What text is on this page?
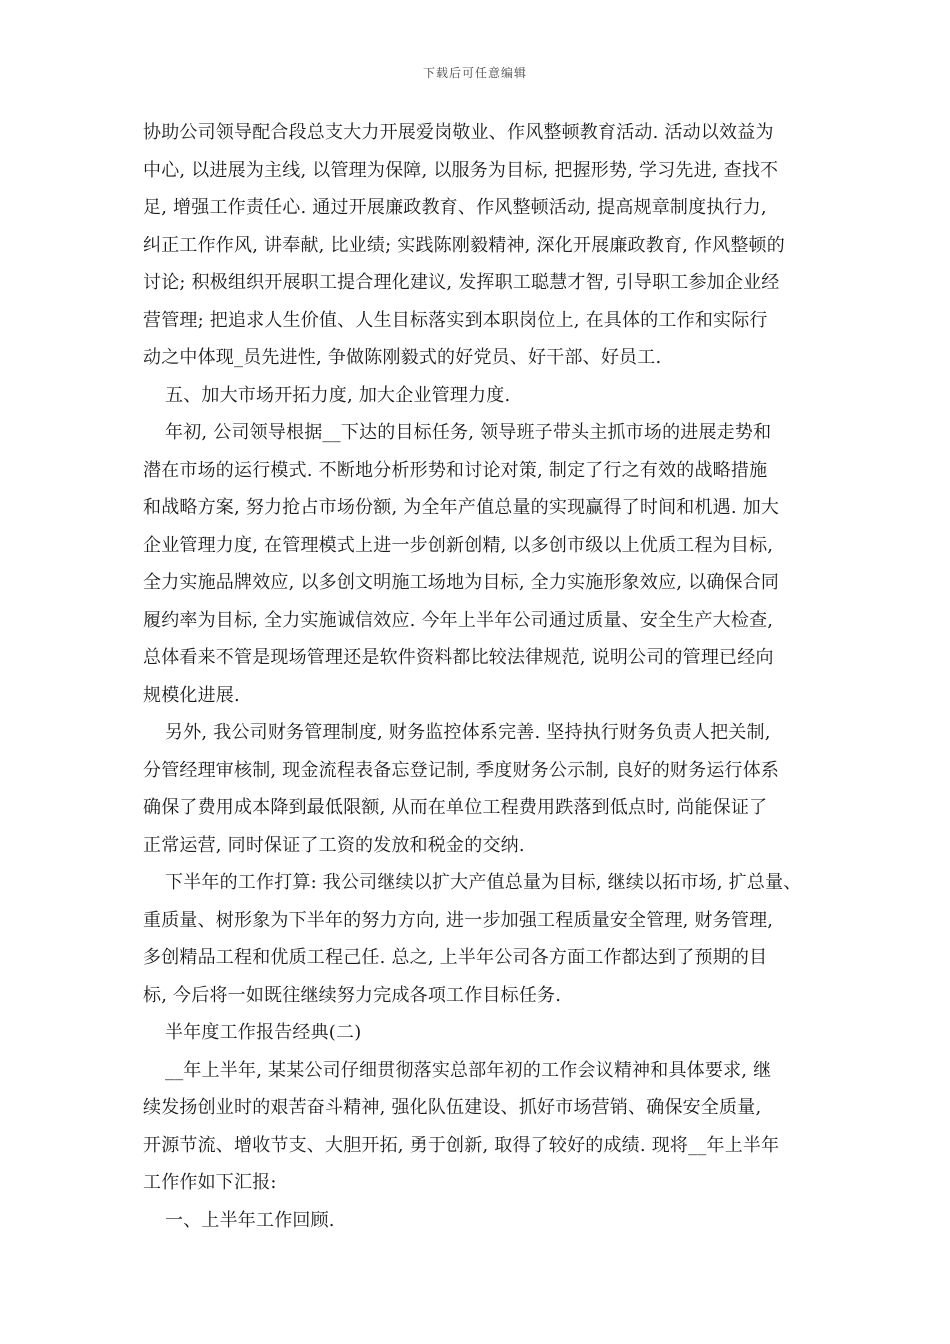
下载后可任意编辑
协助公司领导配合段总支大力开展爱岗敬业、作风整顿教育活动. 活动以效益为
中心, 以进展为主线, 以管理为保障, 以服务为目标, 把握形势, 学习先进, 查找不
足, 增强工作责任心. 通过开展廉政教育、作风整顿活动, 提高规章制度执行力,
纠正工作作风, 讲奉献, 比业绩; 实践陈刚毅精神, 深化开展廉政教育, 作风整顿的
讨论; 积极组织开展职工提合理化建议, 发挥职工聪慧才智, 引导职工参加企业经
营管理; 把追求人生价值、人生目标落实到本职岗位上, 在具体的工作和实际行
动之中体现_员先进性, 争做陈刚毅式的好党员、好干部、好员工.
五、加大市场开拓力度, 加大企业管理力度.
年初, 公司领导根据__下达的目标任务, 领导班子带头主抓市场的进展走势和
潜在市场的运行模式. 不断地分析形势和讨论对策, 制定了行之有效的战略措施
和战略方案, 努力抢占市场份额, 为全年产值总量的实现赢得了时间和机遇. 加大
企业管理力度, 在管理模式上进一步创新创精, 以多创市级以上优质工程为目标,
全力实施品牌效应, 以多创文明施工场地为目标, 全力实施形象效应, 以确保合同
履约率为目标, 全力实施诚信效应. 今年上半年公司通过质量、安全生产大检查,
总体看来不管是现场管理还是软件资料都比较法律规范, 说明公司的管理已经向
规模化进展.
另外, 我公司财务管理制度, 财务监控体系完善. 坚持执行财务负责人把关制,
分管经理审核制, 现金流程表备忘登记制, 季度财务公示制, 良好的财务运行体系
确保了费用成本降到最低限额, 从而在单位工程费用跌落到低点时, 尚能保证了
正常运营, 同时保证了工资的发放和税金的交纳.
下半年的工作打算: 我公司继续以扩大产值总量为目标, 继续以拓市场, 扩总量、
重质量、树形象为下半年的努力方向, 进一步加强工程质量安全管理, 财务管理,
多创精品工程和优质工程己任. 总之, 上半年公司各方面工作都达到了预期的目
标, 今后将一如既往继续努力完成各项工作目标任务.
半年度工作报告经典(二)
__年上半年, 某某公司仔细贯彻落实总部年初的工作会议精神和具体要求, 继
续发扬创业时的艰苦奋斗精神, 强化队伍建设、抓好市场营销、确保安全质量,
开源节流、增收节支、大胆开拓, 勇于创新, 取得了较好的成绩. 现将__年上半年
工作作如下汇报:
一、上半年工作回顾.
